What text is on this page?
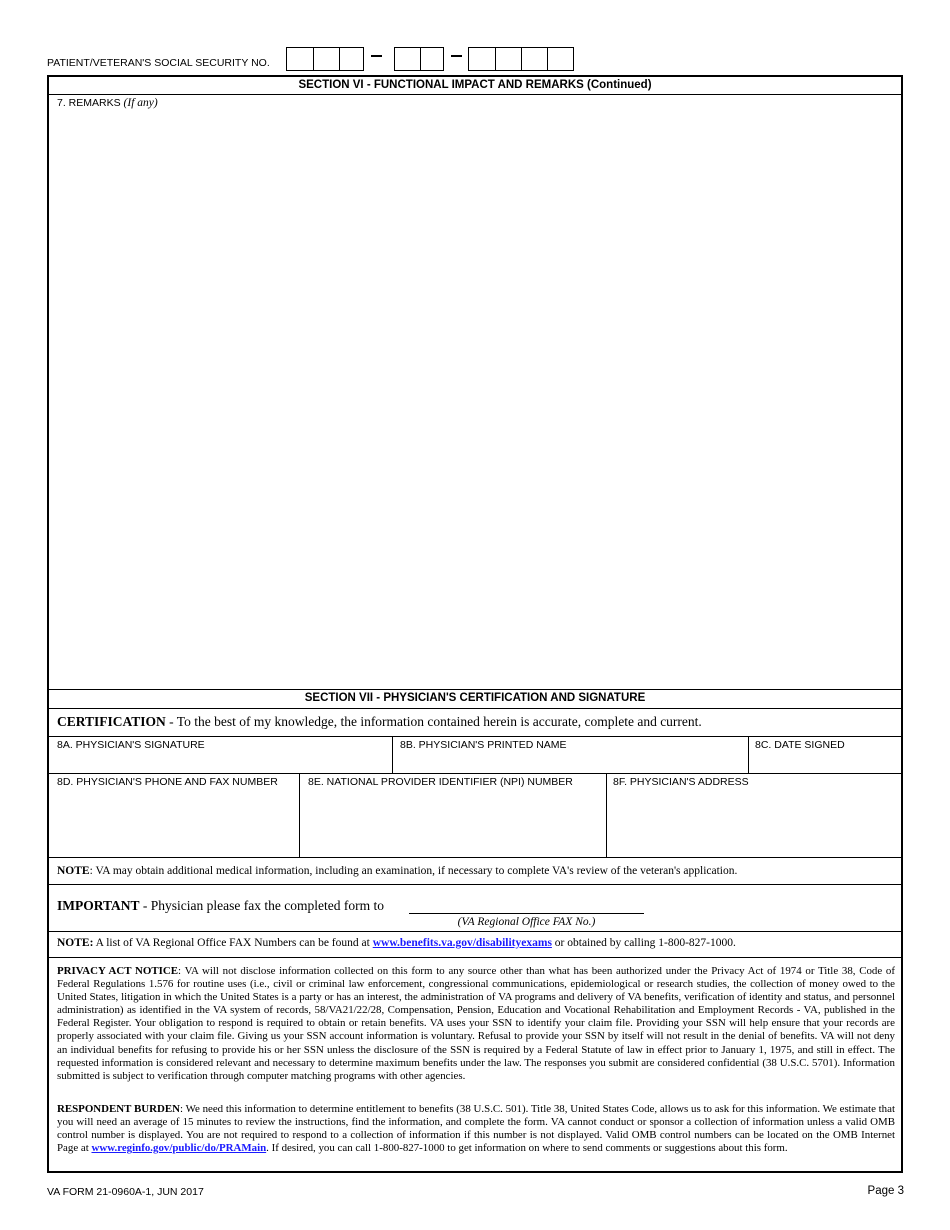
PATIENT/VETERAN'S SOCIAL SECURITY NO.
SECTION VI - FUNCTIONAL IMPACT AND REMARKS (Continued)
7. REMARKS (If any)
SECTION VII - PHYSICIAN'S CERTIFICATION AND SIGNATURE
CERTIFICATION - To the best of my knowledge, the information contained herein is accurate, complete and current.
8A. PHYSICIAN'S SIGNATURE	8B. PHYSICIAN'S PRINTED NAME	8C. DATE SIGNED
8D. PHYSICIAN'S PHONE AND FAX NUMBER	8E. NATIONAL PROVIDER IDENTIFIER (NPI) NUMBER	8F. PHYSICIAN'S ADDRESS
NOTE: VA may obtain additional medical information, including an examination, if necessary to complete VA's review of the veteran's application.
IMPORTANT - Physician please fax the completed form to
(VA Regional Office FAX No.)
NOTE: A list of VA Regional Office FAX Numbers can be found at www.benefits.va.gov/disabilityexams or obtained by calling 1-800-827-1000.
PRIVACY ACT NOTICE: VA will not disclose information collected on this form to any source other than what has been authorized under the Privacy Act of 1974 or Title 38, Code of Federal Regulations 1.576 for routine uses (i.e., civil or criminal law enforcement, congressional communications, epidemiological or research studies, the collection of money owed to the United States, litigation in which the United States is a party or has an interest, the administration of VA programs and delivery of VA benefits, verification of identity and status, and personnel administration) as identified in the VA system of records, 58/VA21/22/28, Compensation, Pension, Education and Vocational Rehabilitation and Employment Records - VA, published in the Federal Register. Your obligation to respond is required to obtain or retain benefits. VA uses your SSN to identify your claim file. Providing your SSN will help ensure that your records are properly associated with your claim file. Giving us your SSN account information is voluntary. Refusal to provide your SSN by itself will not result in the denial of benefits. VA will not deny an individual benefits for refusing to provide his or her SSN unless the disclosure of the SSN is required by a Federal Statute of law in effect prior to January 1, 1975, and still in effect. The requested information is considered relevant and necessary to determine maximum benefits under the law. The responses you submit are considered confidential (38 U.S.C. 5701). Information submitted is subject to verification through computer matching programs with other agencies.
RESPONDENT BURDEN: We need this information to determine entitlement to benefits (38 U.S.C. 501). Title 38, United States Code, allows us to ask for this information. We estimate that you will need an average of 15 minutes to review the instructions, find the information, and complete the form. VA cannot conduct or sponsor a collection of information unless a valid OMB control number is displayed. You are not required to respond to a collection of information if this number is not displayed. Valid OMB control numbers can be located on the OMB Internet Page at www.reginfo.gov/public/do/PRAMain. If desired, you can call 1-800-827-1000 to get information on where to send comments or suggestions about this form.
VA FORM 21-0960A-1, JUN 2017	Page 3
